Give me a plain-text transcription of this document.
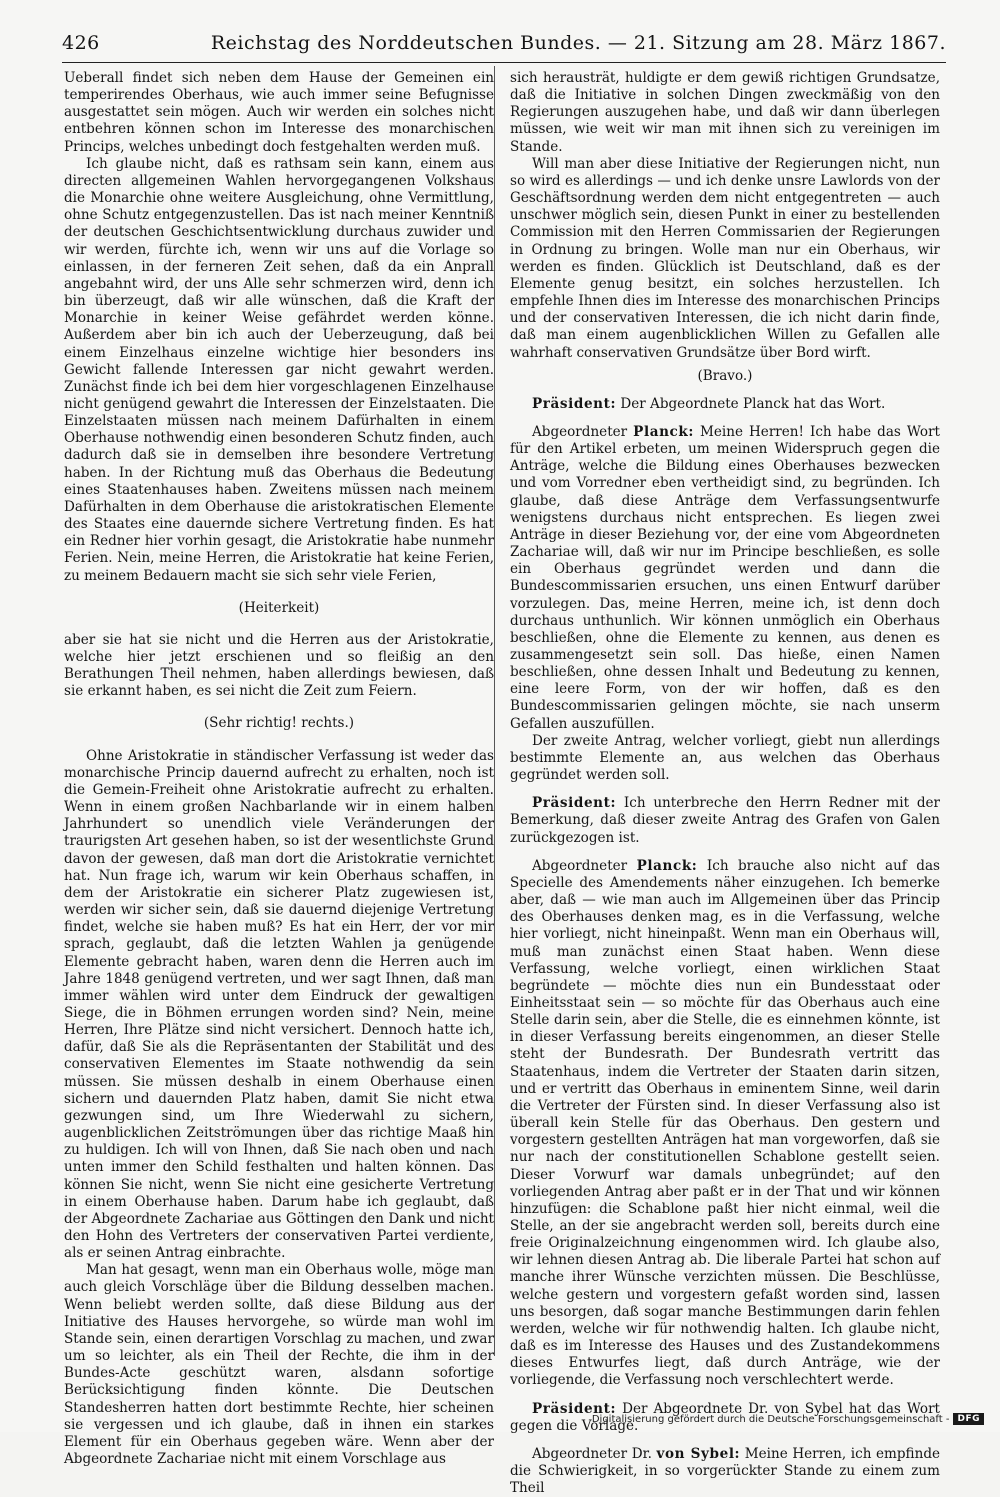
426	Reichstag des Norddeutschen Bundes. — 21. Sitzung am 28. März 1867.

Ueberall findet sich neben dem Hause der Gemeinen ein temperirendes Oberhaus, wie auch immer seine Befugnisse ausgestattet sein mögen. Auch wir werden ein solches nicht entbehren können schon im Interesse des monarchischen Princips, welches unbedingt doch festgehalten werden muß.

Ich glaube nicht, daß es rathsam sein kann, einem aus directen allgemeinen Wahlen hervorgegangenen Volkshaus die Monarchie ohne weitere Ausgleichung, ohne Vermittlung, ohne Schutz entgegenzustellen. Das ist nach meiner Kenntniß der deutschen Geschichtsentwicklung durchaus zuwider und wir werden, fürchte ich, wenn wir uns auf die Vorlage so einlassen, in der ferneren Zeit sehen, daß da ein Anprall angebahnt wird, der uns Alle sehr schmerzen wird, denn ich bin überzeugt, daß wir alle wünschen, daß die Kraft der Monarchie in keiner Weise gefährdet werden könne. Außerdem aber bin ich auch der Ueberzeugung, daß bei einem Einzelhaus einzelne wichtige hier besonders ins Gewicht fallende Interessen gar nicht gewahrt werden. Zunächst finde ich bei dem hier vorgeschlagenen Einzelhause nicht genügend gewahrt die Interessen der Einzelstaaten. Die Einzelstaaten müssen nach meinem Dafürhalten in einem Oberhause nothwendig einen besonderen Schutz finden, auch dadurch daß sie in demselben ihre besondere Vertretung haben. In der Richtung muß das Oberhaus die Bedeutung eines Staatenhauses haben. Zweitens müssen nach meinem Dafürhalten in dem Oberhause die aristokratischen Elemente des Staates eine dauernde sichere Vertretung finden. Es hat ein Redner hier vorhin gesagt, die Aristokratie habe nunmehr Ferien. Nein, meine Herren, die Aristokratie hat keine Ferien, zu meinem Bedauern macht sie sich sehr viele Ferien,

(Heiterkeit)

aber sie hat sie nicht und die Herren aus der Aristokratie, welche hier jetzt erschienen und so fleißig an den Berathungen Theil nehmen, haben allerdings bewiesen, daß sie erkannt haben, es sei nicht die Zeit zum Feiern.

(Sehr richtig! rechts.)

Ohne Aristokratie in ständischer Verfassung ist weder das monarchische Princip dauernd aufrecht zu erhalten, noch ist die Gemein-Freiheit ohne Aristokratie aufrecht zu erhalten. Wenn in einem großen Nachbarlande wir in einem halben Jahrhundert so unendlich viele Veränderungen der traurigsten Art gesehen haben, so ist der wesentlichste Grund davon der gewesen, daß man dort die Aristokratie vernichtet hat. Nun frage ich, warum wir kein Oberhaus schaffen, in dem der Aristokratie ein sicherer Platz zugewiesen ist, werden wir sicher sein, daß sie dauernd diejenige Vertretung findet, welche sie haben muß? Es hat ein Herr, der vor mir sprach, geglaubt, daß die letzten Wahlen ja genügende Elemente gebracht haben, waren denn die Herren auch im Jahre 1848 genügend vertreten, und wer sagt Ihnen, daß man immer wählen wird unter dem Eindruck der gewaltigen Siege, die in Böhmen errungen worden sind? Nein, meine Herren, Ihre Plätze sind nicht versichert. Dennoch hatte ich, dafür, daß Sie als die Repräsentanten der Stabilität und des conservativen Elementes im Staate nothwendig da sein müssen. Sie müssen deshalb in einem Oberhause einen sichern und dauernden Platz haben, damit Sie nicht etwa gezwungen sind, um Ihre Wiederwahl zu sichern, augenblicklichen Zeitströmungen über das richtige Maaß hin zu huldigen. Ich will von Ihnen, daß Sie nach oben und nach unten immer den Schild festhalten und halten können. Das können Sie nicht, wenn Sie nicht eine gesicherte Vertretung in einem Oberhause haben. Darum habe ich geglaubt, daß der Abgeordnete Zachariae aus Göttingen den Dank und nicht den Hohn des Vertreters der conservativen Partei verdiente, als er seinen Antrag einbrachte.

Man hat gesagt, wenn man ein Oberhaus wolle, möge man auch gleich Vorschläge über die Bildung desselben machen. Wenn beliebt werden sollte, daß diese Bildung aus der Initiative des Hauses hervorgehe, so würde man wohl im Stande sein, einen derartigen Vorschlag zu machen, und zwar um so leichter, als ein Theil der Rechte, die ihm in der Bundes-Acte geschützt waren, alsdann sofortige Berücksichtigung finden könnte. Die Deutschen Standesherren hatten dort bestimmte Rechte, hier scheinen sie vergessen und ich glaube, daß in ihnen ein starkes Element für ein Oberhaus gegeben wäre. Wenn aber der Abgeordnete Zachariae nicht mit einem Vorschlage aus

sich herausträt, huldigte er dem gewiß richtigen Grundsatze, daß die Initiative in solchen Dingen zweckmäßig von den Regierungen auszugehen habe, und daß wir dann überlegen müssen, wie weit wir man mit ihnen sich zu vereinigen im Stande.

Will man aber diese Initiative der Regierungen nicht, nun so wird es allerdings — und ich denke unsre Lawlords von der Geschäftsordnung werden dem nicht entgegentreten — auch unschwer möglich sein, diesen Punkt in einer zu bestellenden Commission mit den Herren Commissarien der Regierungen in Ordnung zu bringen. Wolle man nur ein Oberhaus, wir werden es finden. Glücklich ist Deutschland, daß es der Elemente genug besitzt, ein solches herzustellen. Ich empfehle Ihnen dies im Interesse des monarchischen Princips und der conservativen Interessen, die ich nicht darin finde, daß man einem augenblicklichen Willen zu Gefallen alle wahrhaft conservativen Grundsätze über Bord wirft.

(Bravo.)

Präsident: Der Abgeordnete Planck hat das Wort.

Abgeordneter Planck: Meine Herren! Ich habe das Wort für den Artikel erbeten, um meinen Widerspruch gegen die Anträge, welche die Bildung eines Oberhauses bezwecken und vom Vorredner eben vertheidigt sind, zu begründen. Ich glaube, daß diese Anträge dem Verfassungsentwurfe wenigstens durchaus nicht entsprechen. Es liegen zwei Anträge in dieser Beziehung vor, der eine vom Abgeordneten Zachariae will, daß wir nur im Principe beschließen, es solle ein Oberhaus gegründet werden und dann die Bundescommissarien ersuchen, uns einen Entwurf darüber vorzulegen. Das, meine Herren, meine ich, ist denn doch durchaus unthunlich. Wir können unmöglich ein Oberhaus beschließen, ohne die Elemente zu kennen, aus denen es zusammengesetzt sein soll. Das hieße, einen Namen beschließen, ohne dessen Inhalt und Bedeutung zu kennen, eine leere Form, von der wir hoffen, daß es den Bundescommissarien gelingen möchte, sie nach unserm Gefallen auszufüllen.

Der zweite Antrag, welcher vorliegt, giebt nun allerdings bestimmte Elemente an, aus welchen das Oberhaus gegründet werden soll.

Präsident: Ich unterbreche den Herrn Redner mit der Bemerkung, daß dieser zweite Antrag des Grafen von Galen zurückgezogen ist.

Abgeordneter Planck: Ich brauche also nicht auf das Specielle des Amendements näher einzugehen. Ich bemerke aber, daß — wie man auch im Allgemeinen über das Princip des Oberhauses denken mag, es in die Verfassung, welche hier vorliegt, nicht hineinpaßt. Wenn man ein Oberhaus will, muß man zunächst einen Staat haben. Wenn diese Verfassung, welche vorliegt, einen wirklichen Staat begründete — möchte dies nun ein Bundesstaat oder Einheitsstaat sein — so möchte für das Oberhaus auch eine Stelle darin sein, aber die Stelle, die es einnehmen könnte, ist in dieser Verfassung bereits eingenommen, an dieser Stelle steht der Bundesrath. Der Bundesrath vertritt das Staatenhaus, indem die Vertreter der Staaten darin sitzen, und er vertritt das Oberhaus in eminentem Sinne, weil darin die Vertreter der Fürsten sind. In dieser Verfassung also ist überall kein Stelle für das Oberhaus. Den gestern und vorgestern gestellten Anträgen hat man vorgeworfen, daß sie nur nach der constitutionellen Schablone gestellt seien. Dieser Vorwurf war damals unbegründet; auf den vorliegenden Antrag aber paßt er in der That und wir können hinzufügen: die Schablone paßt hier nicht einmal, weil die Stelle, an der sie angebracht werden soll, bereits durch eine freie Originalzeichnung eingenommen wird. Ich glaube also, wir lehnen diesen Antrag ab. Die liberale Partei hat schon auf manche ihrer Wünsche verzichten müssen. Die Beschlüsse, welche gestern und vorgestern gefaßt worden sind, lassen uns besorgen, daß sogar manche Bestimmungen darin fehlen werden, welche wir für nothwendig halten. Ich glaube nicht, daß es im Interesse des Hauses und des Zustandekommens dieses Entwurfes liegt, daß durch Anträge, wie der vorliegende, die Verfassung noch verschlechtert werde.

Präsident: Der Abgeordnete Dr. von Sybel hat das Wort gegen die Vorlage.

Abgeordneter Dr. von Sybel: Meine Herren, ich empfinde die Schwierigkeit, in so vorgerückter Stande zu einem zum Theil

Digitalisierung gefördert durch die Deutsche Forschungsgemeinschaft - DFG
